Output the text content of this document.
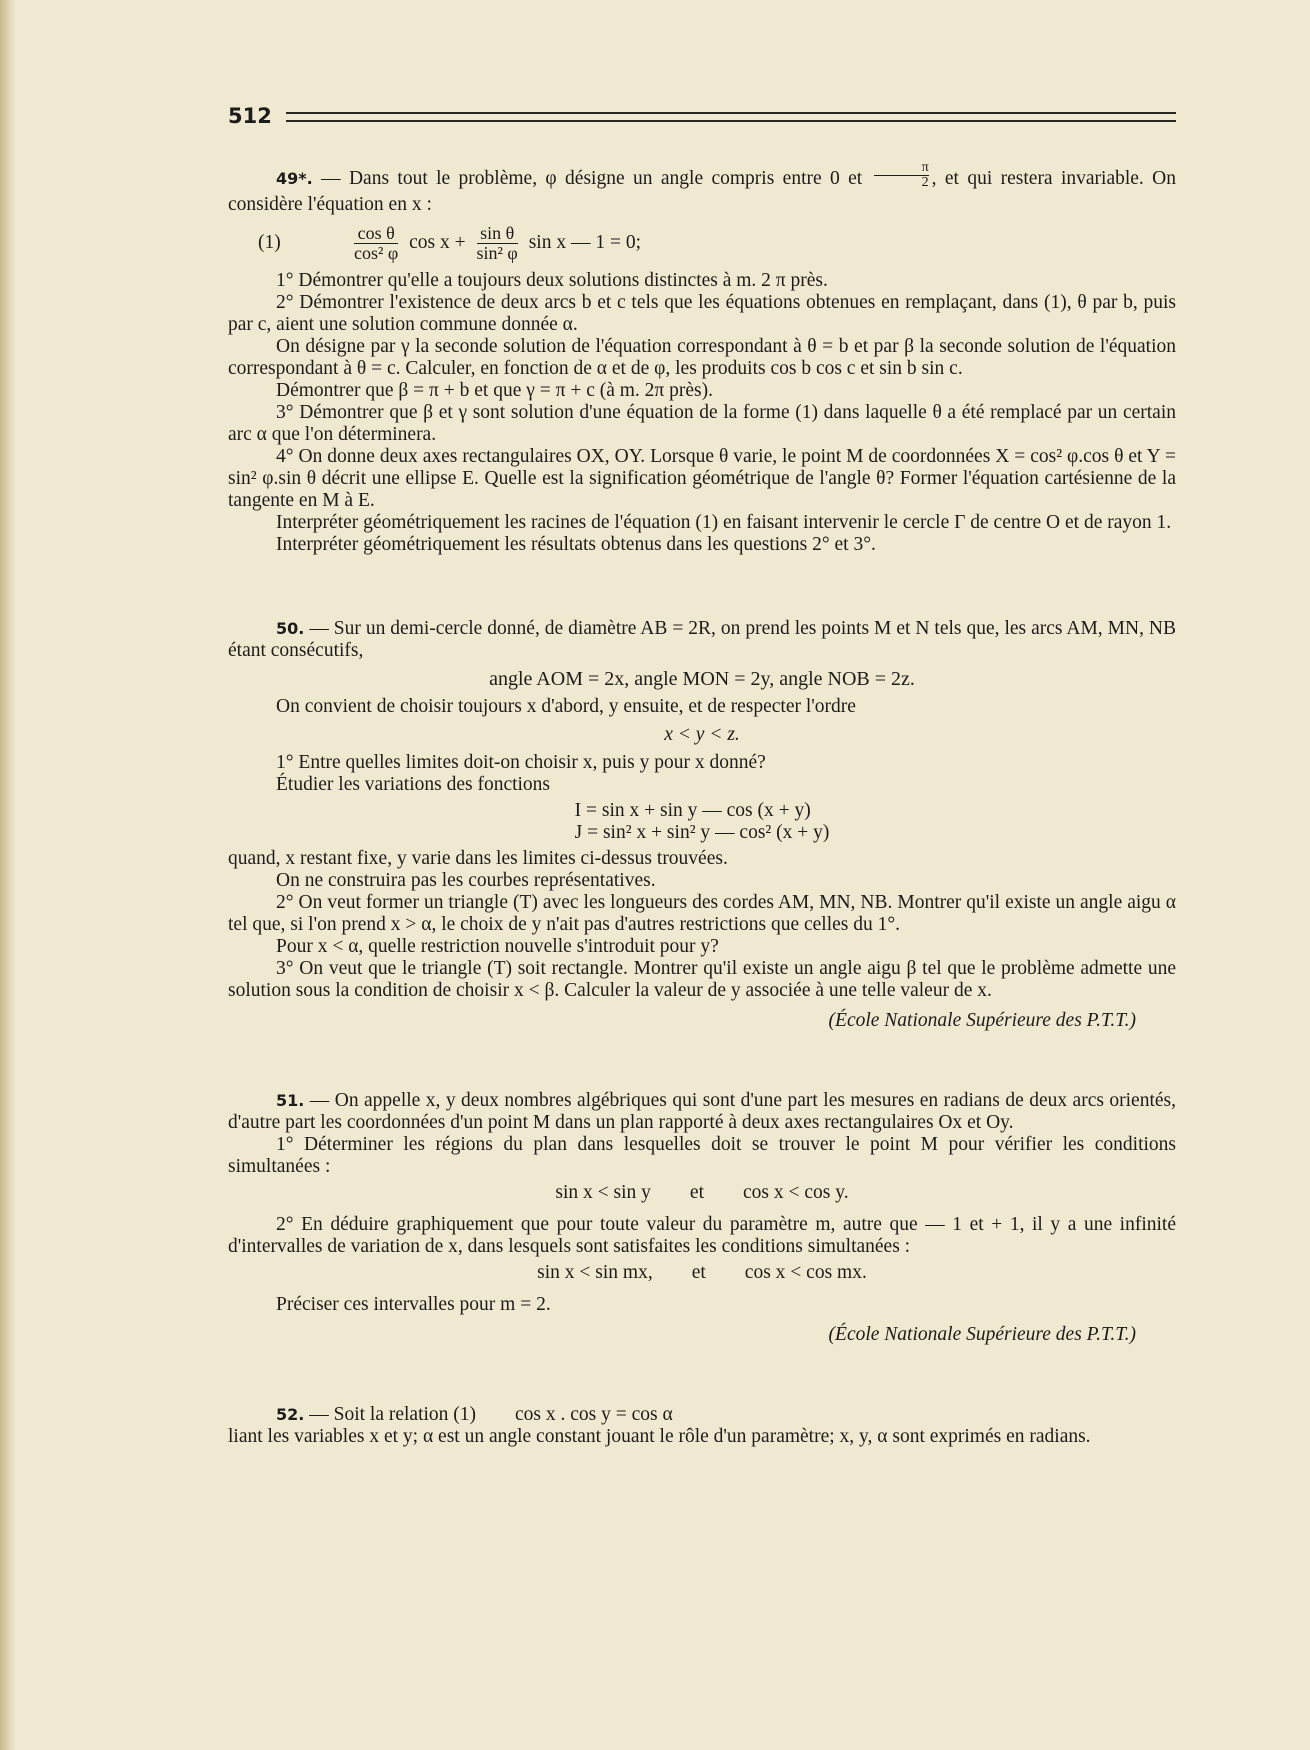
512

49*. — Dans tout le problème, φ désigne un angle compris entre 0 et $\frac{\pi}{2}$ , et qui restera invariable. On considère l'équation en x :

(1)	$\frac{\text{cos θ}}{\text{cos² φ}}$ $\cos x + \frac{\text{sin θ}}{\text{sin² φ}}$ sin x — 1 = 0;

1° Démontrer qu'elle a toujours deux solutions distinctes à m. 2 π près.

2° Démontrer l'existence de deux arcs b et c tels que les équations obtenues en remplaçant, dans (1), θ par b, puis par c, aient une solution commune donnée α.

On désigne par γ la seconde solution de l'équation correspondant à θ = b et par β la seconde solution de l'équation correspondant à θ = c. Calculer, en fonction de α et de φ, les produits cos b cos c et sin b sin c.

Démontrer que β = π + b et que γ = π + c (à m. 2π près).

3° Démontrer que β et γ sont solution d'une équation de la forme (1) dans laquelle θ a été remplacé par un certain arc α que l'on déterminera.

4° On donne deux axes rectangulaires OX, OY. Lorsque θ varie, le point M de coordonnées X = cos² φ.cos θ et Y = sin² φ.sin θ décrit une ellipse E. Quelle est la signification géométrique de l'angle θ? Former l'équation cartésienne de la tangente en M à E.

Interpréter géométriquement les racines de l'équation (1) en faisant intervenir le cercle Γ de centre O et de rayon 1.

Interpréter géométriquement les résultats obtenus dans les questions 2° et 3°.

50. — Sur un demi-cercle donné, de diamètre AB = 2R, on prend les points M et N tels que, les arcs AM, MN, NB étant consécutifs,

angle AOM = 2x, angle MON = 2y, angle NOB = 2z.

On convient de choisir toujours x d'abord, y ensuite, et de respecter l'ordre

x < y < z.

1° Entre quelles limites doit-on choisir x, puis y pour x donné?

Étudier les variations des fonctions

I = sin x + sin y — cos (x + y)
J = sin² x + sin² y — cos² (x + y)

quand, x restant fixe, y varie dans les limites ci-dessus trouvées.

On ne construira pas les courbes représentatives.

2° On veut former un triangle (T) avec les longueurs des cordes AM, MN, NB. Montrer qu'il existe un angle aigu α tel que, si l'on prend x > α, le choix de y n'ait pas d'autres restrictions que celles du 1°.

Pour x < α, quelle restriction nouvelle s'introduit pour y?

3° On veut que le triangle (T) soit rectangle. Montrer qu'il existe un angle aigu β tel que le problème admette une solution sous la condition de choisir x < β. Calculer la valeur de y associée à une telle valeur de x.

(École Nationale Supérieure des P.T.T.)

51. — On appelle x, y deux nombres algébriques qui sont d'une part les mesures en radians de deux arcs orientés, d'autre part les coordonnées d'un point M dans un plan rapporté à deux axes rectangulaires Ox et Oy.

1° Déterminer les régions du plan dans lesquelles doit se trouver le point M pour vérifier les conditions simultanées :

sin x < sin y        et        cos x < cos y.

2° En déduire graphiquement que pour toute valeur du paramètre m, autre que — 1 et + 1, il y a une infinité d'intervalles de variation de x, dans lesquels sont satisfaites les conditions simultanées :

sin x < sin mx,        et        cos x < cos mx.

Préciser ces intervalles pour m = 2.

(École Nationale Supérieure des P.T.T.)

52. — Soit la relation (1)        cos x . cos y = cos α

liant les variables x et y; α est un angle constant jouant le rôle d'un paramètre; x, y, α sont exprimés en radians.
